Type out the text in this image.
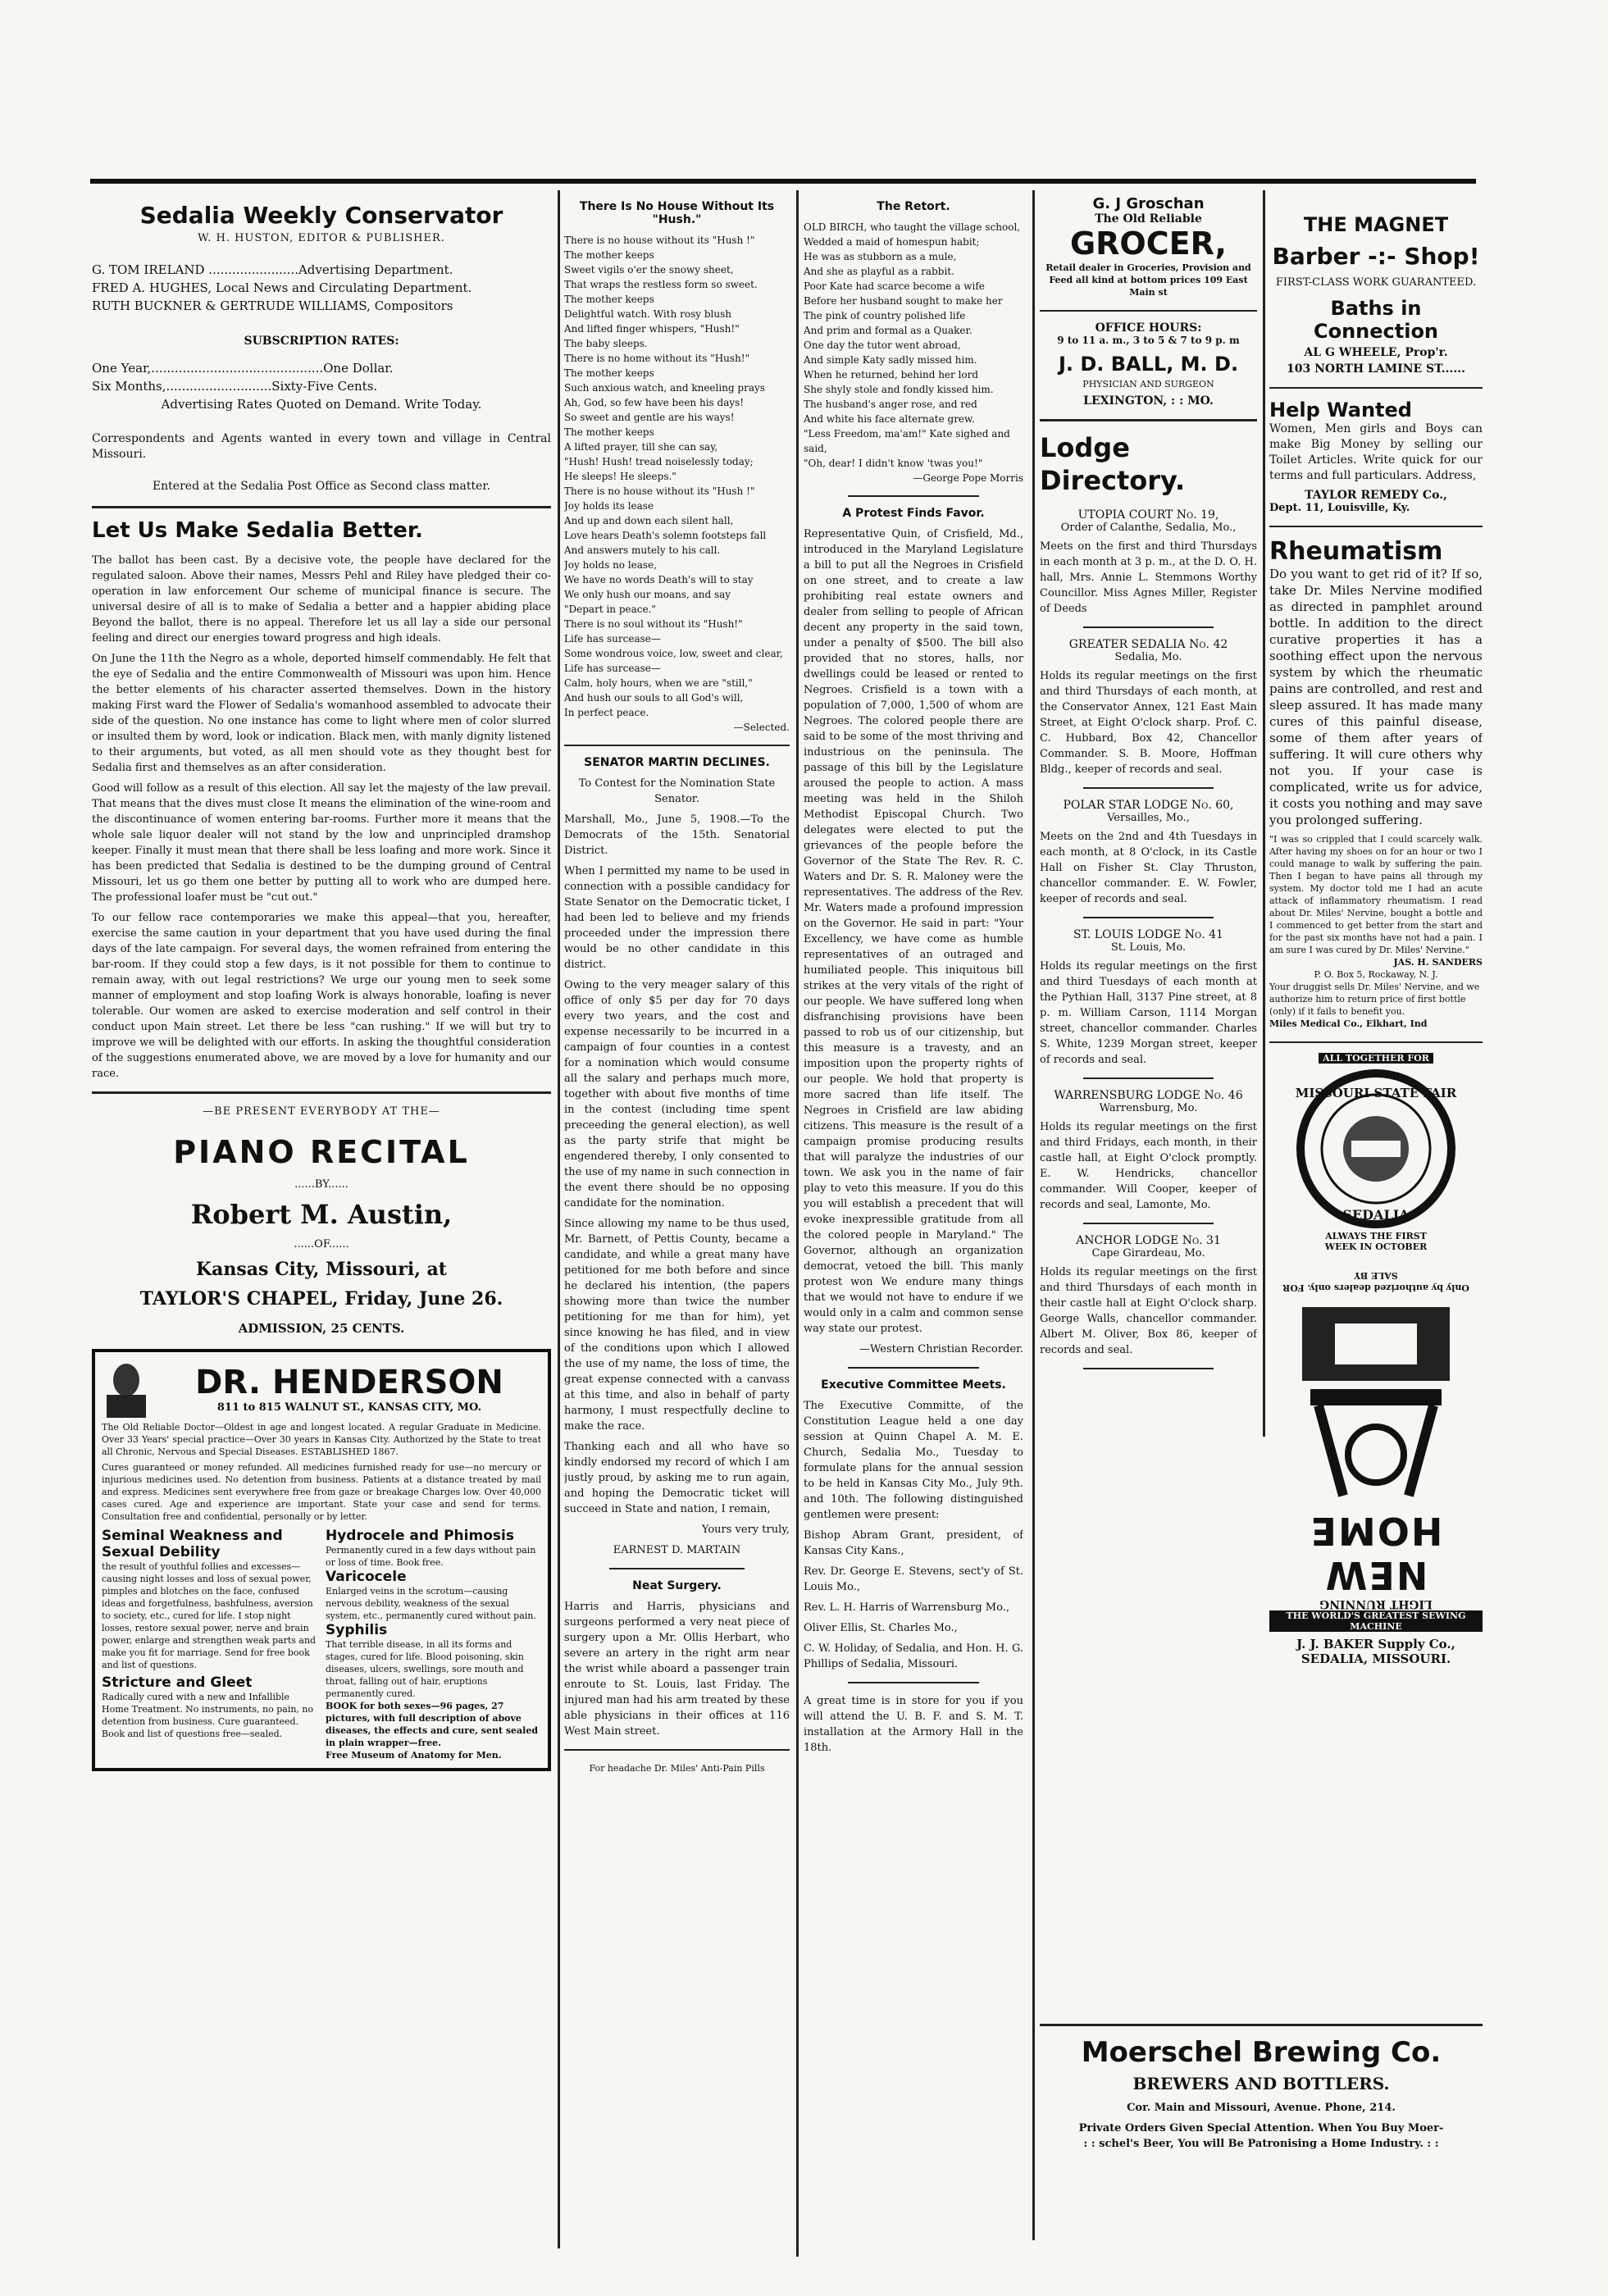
Sedalia Weekly Conservator
W. H. HUSTON, EDITOR & PUBLISHER.
G. TOM IRELAND .......................Advertising Department.
FRED A. HUGHES, Local News and Circulating Department.
RUTH BUCKNER & GERTRUDE WILLIAMS, Compositors
SUBSCRIPTION RATES:
One Year,............................................One Dollar.
Six Months,...........................Sixty-Five Cents.
Advertising Rates Quoted on Demand. Write Today.

Correspondents and Agents wanted in every town and village in Central Missouri.

Entered at the Sedalia Post Office as Second class matter.

Let Us Make Sedalia Better.

The ballot has been cast. By a decisive vote, the people have declared for the regulated saloon. Above their names, Messrs Pehl and Riley have pledged their co-operation in law enforcement Our scheme of municipal finance is secure. The universal desire of all is to make of Sedalia a better and a happier abiding place Beyond the ballot, there is no appeal. Therefore let us all lay a side our personal feeling and direct our energies toward progress and high ideals.

On June the 11th the Negro as a whole, deported himself commendably. He felt that the eye of Sedalia and the entire Commonwealth of Missouri was upon him. Hence the better elements of his character asserted themselves. Down in the history making First ward the Flower of Sedalia's womanhood assembled to advocate their side of the question. No one instance has come to light where men of color slurred or insulted them by word, look or indication. Black men, with manly dignity listened to their arguments, but voted, as all men should vote as they thought best for Sedalia first and themselves as an after consideration.

Good will follow as a result of this election. All say let the majesty of the law prevail. That means that the dives must close It means the elimination of the wine-room and the discontinuance of women entering bar-rooms. Further more it means that the whole sale liquor dealer will not stand by the low and unprincipled dramshop keeper. Finally it must mean that there shall be less loafing and more work. Since it has been predicted that Sedalia is destined to be the dumping ground of Central Missouri, let us go them one better by putting all to work who are dumped here. The professional loafer must be "cut out."

To our fellow race contemporaries we make this appeal—that you, hereafter, exercise the same caution in your department that you have used during the final days of the late campaign. For several days, the women refrained from entering the bar-room. If they could stop a few days, is it not possible for them to continue to remain away, with out legal restrictions? We urge our young men to seek some manner of employment and stop loafing Work is always honorable, loafing is never tolerable. Our women are asked to exercise moderation and self control in their conduct upon Main street. Let there be less "can rushing." If we will but try to improve we will be delighted with our efforts. In asking the thoughtful consideration of the suggestions enumerated above, we are moved by a love for humanity and our race.

—BE PRESENT EVERYBODY AT THE—
PIANO RECITAL
......BY......
Robert M. Austin,
......OF......
Kansas City, Missouri, at
TAYLOR'S CHAPEL, Friday, June 26.
ADMISSION, 25 CENTS.
DR. HENDERSON
811 to 815 WALNUT ST., KANSAS CITY, MO.

The Old Reliable Doctor—Oldest in age and longest located. A regular Graduate in Medicine. Over 33 Years' special practice—Over 30 years in Kansas City. Authorized by the State to treat all Chronic, Nervous and Special Diseases. ESTABLISHED 1867.

Cures guaranteed or money refunded. All medicines furnished ready for use—no mercury or injurious medicines used. No detention from business. Patients at a distance treated by mail and express. Medicines sent everywhere free from gaze or breakage Charges low. Over 40,000 cases cured. Age and experience are important. State your case and send for terms. Consultation free and confidential, personally or by letter.

Seminal Weakness and Sexual Debility

the result of youthful follies and excesses—causing night losses and loss of sexual power, pimples and blotches on the face, confused ideas and forgetfulness, bashfulness, aversion to society, etc., cured for life. I stop night losses, restore sexual power, nerve and brain power, enlarge and strengthen weak parts and make you fit for marriage. Send for free book and list of questions.

Stricture and Gleet

Radically cured with a new and Infallible Home Treatment. No instruments, no pain, no detention from business. Cure guaranteed. Book and list of questions free—sealed.

Hydrocele and Phimosis

Permanently cured in a few days without pain or loss of time. Book free.

Varicocele

Enlarged veins in the scrotum—causing nervous debility, weakness of the sexual system, etc., permanently cured without pain.

Syphilis

That terrible disease, in all its forms and stages, cured for life. Blood poisoning, skin diseases, ulcers, swellings, sore mouth and throat, falling out of hair, eruptions permanently cured.

BOOK for both sexes—96 pages, 27 pictures, with full description of above diseases, the effects and cure, sent sealed in plain wrapper—free.

Free Museum of Anatomy for Men.

There Is No House Without Its "Hush."
There is no house without its "Hush !"
The mother keeps
Sweet vigils o'er the snowy sheet,
That wraps the restless form so sweet.
The mother keeps
Delightful watch. With rosy blush
And lifted finger whispers, "Hush!"
The baby sleeps.
There is no home without its "Hush!"
The mother keeps
Such anxious watch, and kneeling prays
Ah, God, so few have been his days!
So sweet and gentle are his ways!
The mother keeps
A lifted prayer, till she can say,
"Hush! Hush! tread noiselessly today;
He sleeps! He sleeps."
There is no house without its "Hush !"
Joy holds its lease
And up and down each silent hall,
Love hears Death's solemn footsteps fall
And answers mutely to his call.
Joy holds no lease,
We have no words Death's will to stay
We only hush our moans, and say
"Depart in peace."
There is no soul without its "Hush!"
Life has surcease—
Some wondrous voice, low, sweet and clear,
Life has surcease—
Calm, holy hours, when we are "still,"
And hush our souls to all God's will,
In perfect peace.
—Selected.
SENATOR MARTIN DECLINES.

To Contest for the Nomination State Senator.

Marshall, Mo., June 5, 1908.—To the Democrats of the 15th. Senatorial District.

When I permitted my name to be used in connection with a possible candidacy for State Senator on the Democratic ticket, I had been led to believe and my friends proceeded under the impression there would be no other candidate in this district.

Owing to the very meager salary of this office of only $5 per day for 70 days every two years, and the cost and expense necessarily to be incurred in a campaign of four counties in a contest for a nomination which would consume all the salary and perhaps much more, together with about five months of time in the contest (including time spent preceeding the general election), as well as the party strife that might be engendered thereby, I only consented to the use of my name in such connection in the event there should be no opposing candidate for the nomination.

Since allowing my name to be thus used, Mr. Barnett, of Pettis County, became a candidate, and while a great many have petitioned for me both before and since he declared his intention, (the papers showing more than twice the number petitioning for me than for him), yet since knowing he has filed, and in view of the conditions upon which I allowed the use of my name, the loss of time, the great expense connected with a canvass at this time, and also in behalf of party harmony, I must respectfully decline to make the race.

Thanking each and all who have so kindly endorsed my record of which I am justly proud, by asking me to run again, and hoping the Democratic ticket will succeed in State and nation, I remain,

Yours very truly,

EARNEST D. MARTAIN

Neat Surgery.

Harris and Harris, physicians and surgeons performed a very neat piece of surgery upon a Mr. Ollis Herbart, who severe an artery in the right arm near the wrist while aboard a passenger train enroute to St. Louis, last Friday. The injured man had his arm treated by these able physicians in their offices at 116 West Main street.

For headache Dr. Miles' Anti-Pain Pills

The Retort.
OLD BIRCH, who taught the village school,
Wedded a maid of homespun habit;
He was as stubborn as a mule,
And she as playful as a rabbit.
Poor Kate had scarce become a wife
Before her husband sought to make her
The pink of country polished life
And prim and formal as a Quaker.
One day the tutor went abroad,
And simple Katy sadly missed him.
When he returned, behind her lord
She shyly stole and fondly kissed him.
The husband's anger rose, and red
And white his face alternate grew.
"Less Freedom, ma'am!" Kate sighed and said,
"Oh, dear! I didn't know 'twas you!"
—George Pope Morris
A Protest Finds Favor.

Representative Quin, of Crisfield, Md., introduced in the Maryland Legislature a bill to put all the Negroes in Crisfield on one street, and to create a law prohibiting real estate owners and dealer from selling to people of African decent any property in the said town, under a penalty of $500. The bill also provided that no stores, halls, nor dwellings could be leased or rented to Negroes. Crisfield is a town with a population of 7,000, 1,500 of whom are Negroes. The colored people there are said to be some of the most thriving and industrious on the peninsula. The passage of this bill by the Legislature aroused the people to action. A mass meeting was held in the Shiloh Methodist Episcopal Church. Two delegates were elected to put the grievances of the people before the Governor of the State The Rev. R. C. Waters and Dr. S. R. Maloney were the representatives. The address of the Rev. Mr. Waters made a profound impression on the Governor. He said in part: "Your Excellency, we have come as humble representatives of an outraged and humiliated people. This iniquitous bill strikes at the very vitals of the right of our people. We have suffered long when disfranchising provisions have been passed to rob us of our citizenship, but this measure is a travesty, and an imposition upon the property rights of our people. We hold that property is more sacred than life itself. The Negroes in Crisfield are law abiding citizens. This measure is the result of a campaign promise producing results that will paralyze the industries of our town. We ask you in the name of fair play to veto this measure. If you do this you will establish a precedent that will evoke inexpressible gratitude from all the colored people in Maryland." The Governor, although an organization democrat, vetoed the bill. This manly protest won We endure many things that we would not have to endure if we would only in a calm and common sense way state our protest.

—Western Christian Recorder.

Executive Committee Meets.

The Executive Committe, of the Constitution League held a one day session at Quinn Chapel A. M. E. Church, Sedalia Mo., Tuesday to formulate plans for the annual session to be held in Kansas City Mo., July 9th. and 10th. The following distinguished gentlemen were present:

Bishop Abram Grant, president, of Kansas City Kans.,

Rev. Dr. George E. Stevens, sect'y of St. Louis Mo.,

Rev. L. H. Harris of Warrensburg Mo.,

Oliver Ellis, St. Charles Mo.,

C. W. Holiday, of Sedalia, and Hon. H. G. Phillips of Sedalia, Missouri.

A great time is in store for you if you will attend the U. B. F. and S. M. T. installation at the Armory Hall in the 18th.

G. J Groschan
The Old Reliable
GROCER,

Retail dealer in Groceries, Provision and Feed all kind at bottom prices 109 East Main st

OFFICE HOURS:
9 to 11 a. m., 3 to 5 & 7 to 9 p. m
J. D. BALL, M. D.
PHYSICIAN AND SURGEON
LEXINGTON, : : MO.
Lodge Directory.
UTOPIA COURT No. 19,
Order of Calanthe, Sedalia, Mo.,

Meets on the first and third Thursdays in each month at 3 p. m., at the D. O. H. hall, Mrs. Annie L. Stemmons Worthy Councillor. Miss Agnes Miller, Register of Deeds

GREATER SEDALIA No. 42
Sedalia, Mo.

Holds its regular meetings on the first and third Thursdays of each month, at the Conservator Annex, 121 East Main Street, at Eight O'clock sharp. Prof. C. C. Hubbard, Box 42, Chancellor Commander. S. B. Moore, Hoffman Bldg., keeper of records and seal.

POLAR STAR LODGE No. 60,
Versailles, Mo.,

Meets on the 2nd and 4th Tuesdays in each month, at 8 O'clock, in its Castle Hall on Fisher St. Clay Thruston, chancellor commander. E. W. Fowler, keeper of records and seal.

ST. LOUIS LODGE No. 41
St. Louis, Mo.

Holds its regular meetings on the first and third Tuesdays of each month at the Pythian Hall, 3137 Pine street, at 8 p. m. William Carson, 1114 Morgan street, chancellor commander. Charles S. White, 1239 Morgan street, keeper of records and seal.

WARRENSBURG LODGE No. 46
Warrensburg, Mo.

Holds its regular meetings on the first and third Fridays, each month, in their castle hall, at Eight O'clock promptly. E. W. Hendricks, chancellor commander. Will Cooper, keeper of records and seal, Lamonte, Mo.

ANCHOR LODGE No. 31
Cape Girardeau, Mo.

Holds its regular meetings on the first and third Thursdays of each month in their castle hall at Eight O'clock sharp. George Walls, chancellor commander. Albert M. Oliver, Box 86, keeper of records and seal.

THE MAGNET
Barber -:- Shop!
FIRST-CLASS WORK GUARANTEED.
Baths in Connection
AL G WHEELE, Prop'r.
103 NORTH LAMINE ST......
Help Wanted

Women, Men girls and Boys can make Big Money by selling our Toilet Articles. Write quick for our terms and full particulars. Address,

TAYLOR REMEDY Co.,
Dept. 11, Louisville, Ky.
Rheumatism

Do you want to get rid of it? If so, take Dr. Miles Nervine modified as directed in pamphlet around bottle. In addition to the direct curative properties it has a soothing effect upon the nervous system by which the rheumatic pains are controlled, and rest and sleep assured. It has made many cures of this painful disease, some of them after years of suffering. It will cure others why not you. If your case is complicated, write us for advice, it costs you nothing and may save you prolonged suffering.

"I was so crippled that I could scarcely walk. After having my shoes on for an hour or two I could manage to walk by suffering the pain. Then I began to have pains all through my system. My doctor told me I had an acute attack of inflammatory rheumatism. I read about Dr. Miles' Nervine, bought a bottle and I commenced to get better from the start and for the past six months have not had a pain. I am sure I was cured by Dr. Miles' Nervine."

JAS. H. SANDERS

P. O. Box 5, Rockaway, N. J.

Your druggist sells Dr. Miles' Nervine, and we authorize him to return price of first bottle (only) if it fails to benefit you.

Miles Medical Co., Elkhart, Ind

ALL TOGETHER FOR
MISSOURI STATE FAIR
SEDALIA
ALWAYS THE FIRST WEEK IN OCTOBER
Only by authorized dealers only. FOR SALE BY
NEW HOME
LIGHT RUNNING
THE WORLD'S GREATEST SEWING MACHINE
J. J. BAKER Supply Co.,
SEDALIA, MISSOURI.
Moerschel Brewing Co.
BREWERS AND BOTTLERS.
Cor. Main and Missouri, Avenue. Phone, 214.
Private Orders Given Special Attention. When You Buy Moer-
: : schel's Beer, You will Be Patronising a Home Industry. : :
